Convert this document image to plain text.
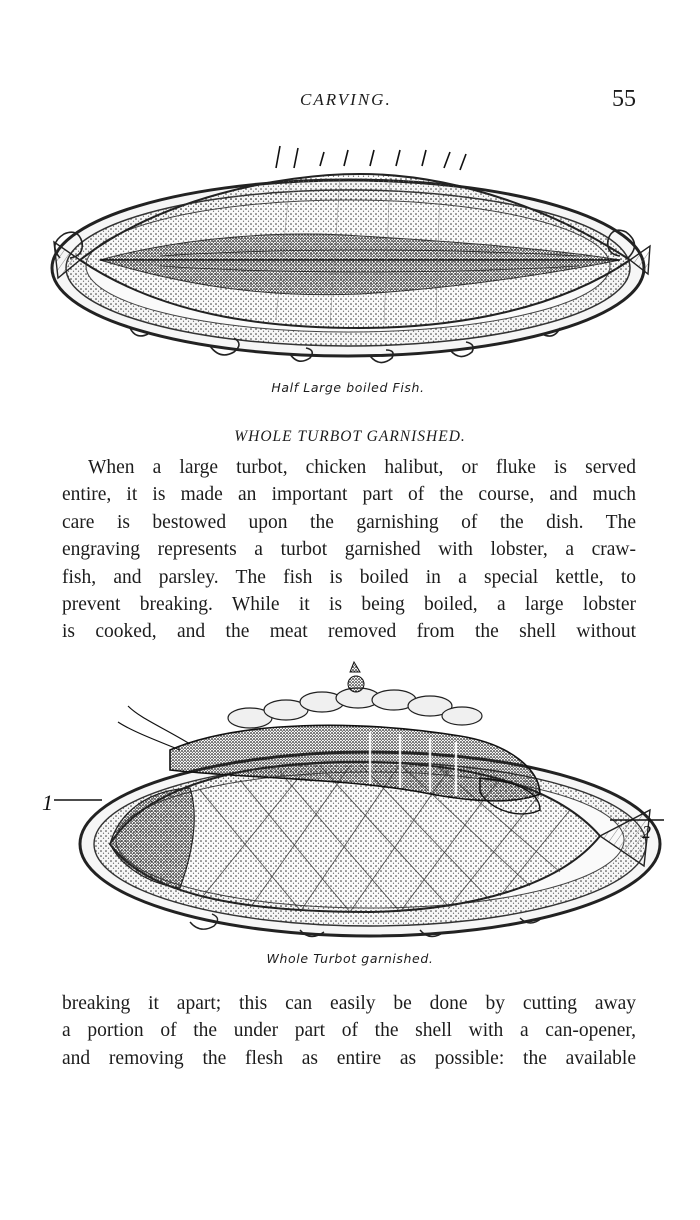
CARVING.	55
Half Large boiled Fish.
WHOLE TURBOT GARNISHED.
When a large turbot, chicken halibut, or fluke is served
entire, it is made an important part of the course, and much
care is bestowed upon the garnishing of the dish. The
engraving represents a turbot garnished with lobster, a craw-
fish, and parsley. The fish is boiled in a special kettle, to
prevent breaking. While it is being boiled, a large lobster
is cooked, and the meat removed from the shell without
1
2
Whole Turbot garnished.
breaking it apart; this can easily be done by cutting away
a portion of the under part of the shell with a can-opener,
and removing the flesh as entire as possible: the available
